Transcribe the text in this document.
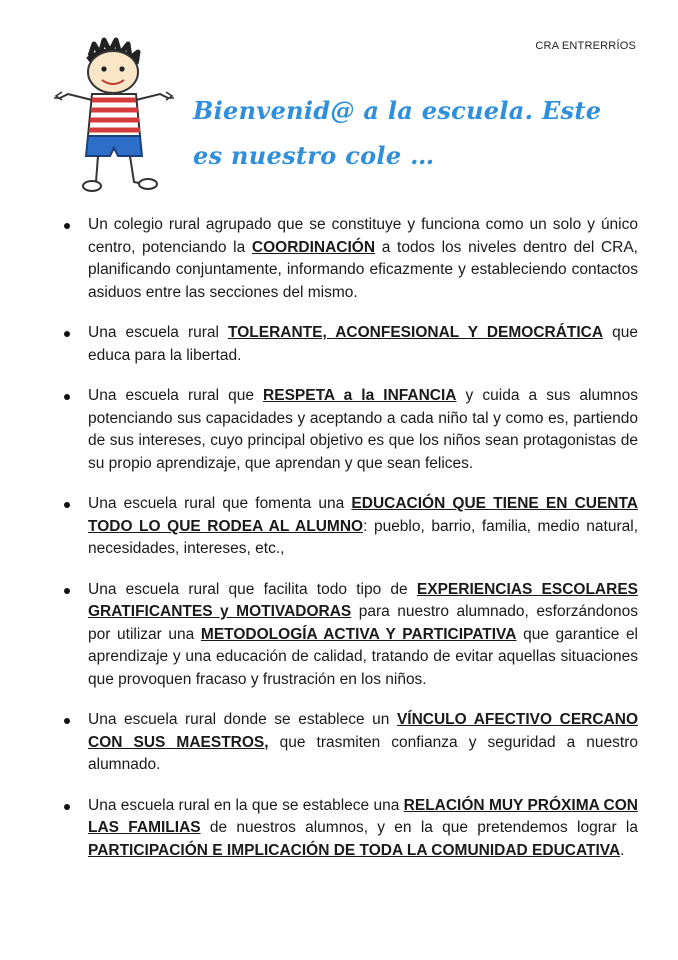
CRA ENTRERRÍOS
Bienvenid@ a la escuela. Este
es nuestro cole …
Un colegio rural agrupado que se constituye y funciona como un solo y único centro, potenciando la COORDINACIÓN a todos los niveles dentro del CRA, planificando conjuntamente, informando eficazmente y estableciendo contactos asiduos entre las secciones del mismo.
Una escuela rural TOLERANTE, ACONFESIONAL Y DEMOCRÁTICA que educa para la libertad.
Una escuela rural que RESPETA a la INFANCIA y cuida a sus alumnos potenciando sus capacidades y aceptando a cada niño tal y como es, partiendo de sus intereses, cuyo principal objetivo es que los niños sean protagonistas de su propio aprendizaje, que aprendan y que sean felices.
Una escuela rural que fomenta una EDUCACIÓN QUE TIENE EN CUENTA TODO LO QUE RODEA AL ALUMNO: pueblo, barrio, familia, medio natural, necesidades, intereses, etc.,
Una escuela rural que facilita todo tipo de EXPERIENCIAS ESCOLARES GRATIFICANTES y MOTIVADORAS para nuestro alumnado, esforzándonos por utilizar una METODOLOGÍA ACTIVA Y PARTICIPATIVA que garantice el aprendizaje y una educación de calidad, tratando de evitar aquellas situaciones que provoquen fracaso y frustración en los niños.
Una escuela rural donde se establece un VÍNCULO AFECTIVO CERCANO CON SUS MAESTROS, que trasmiten confianza y seguridad a nuestro alumnado.
Una escuela rural en la que se establece una RELACIÓN MUY PRÓXIMA CON LAS FAMILIAS de nuestros alumnos, y en la que pretendemos lograr la PARTICIPACIÓN E IMPLICACIÓN DE TODA LA COMUNIDAD EDUCATIVA.
